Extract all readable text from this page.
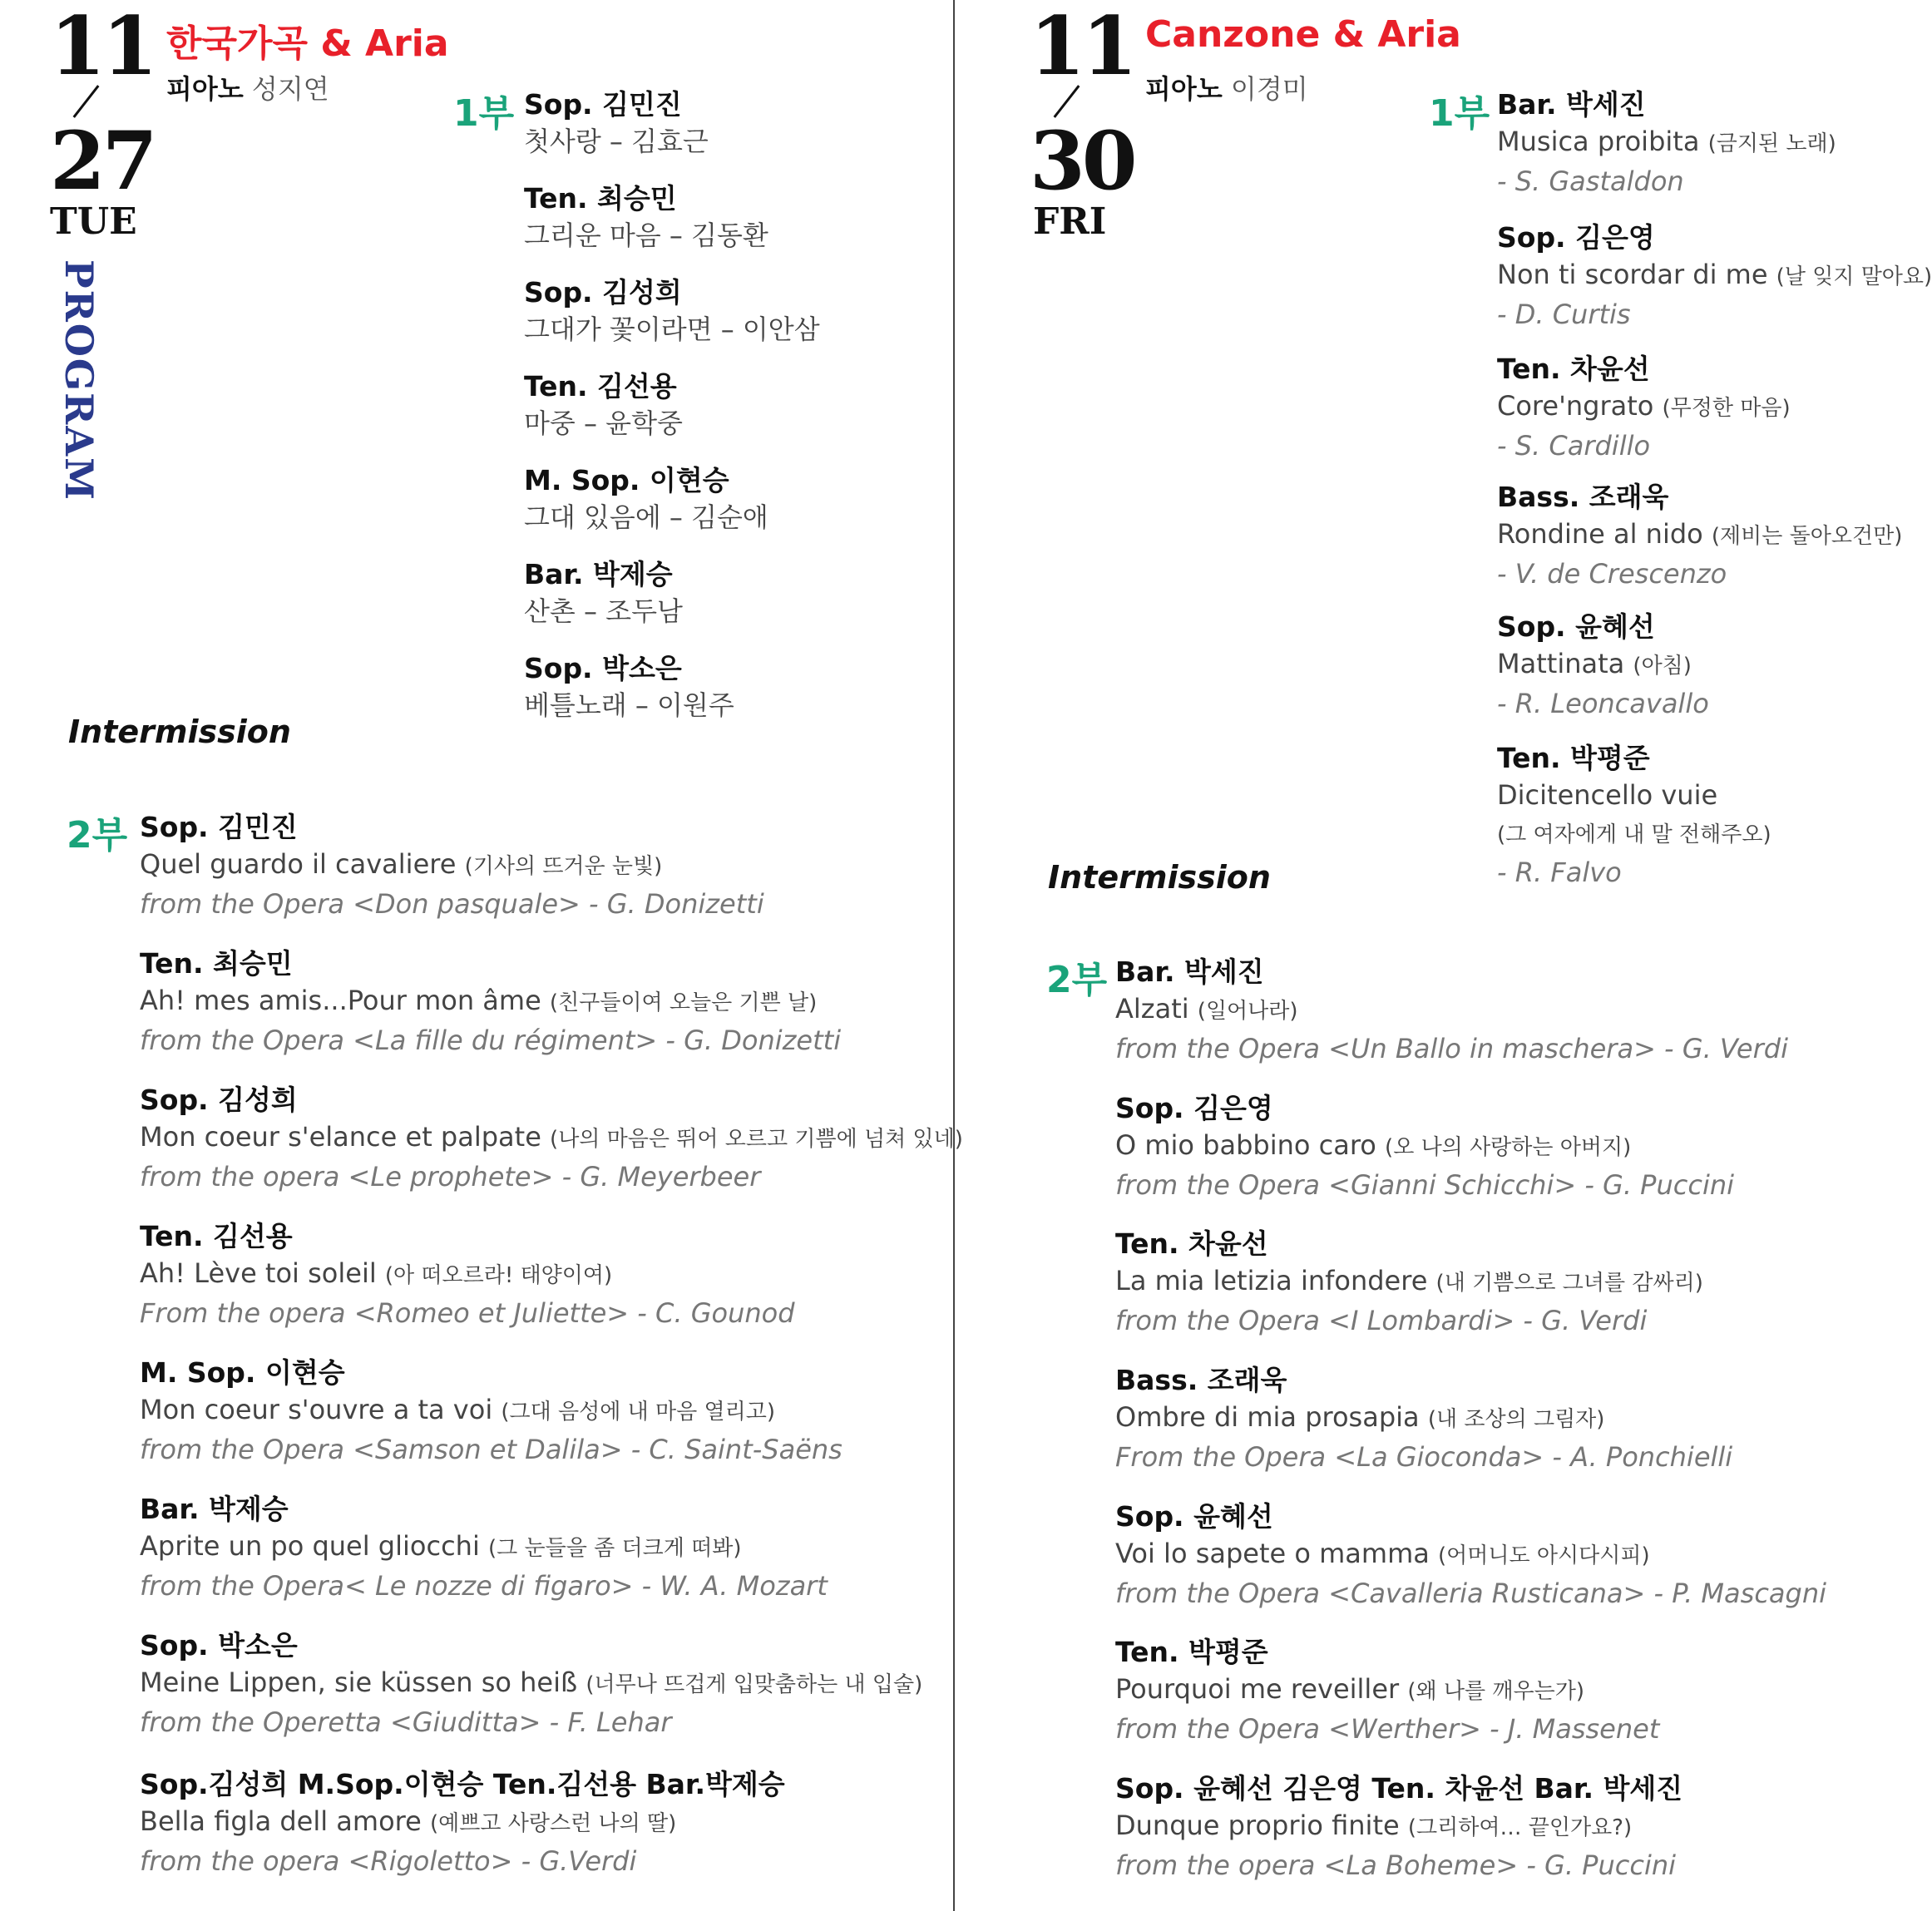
11
27
TUE
PROGRAM
한국가곡 & Aria
피아노 성지연
1부 Sop. 김민진
첫사랑 – 김효근
Ten. 최승민
그리운 마음 – 김동환
Sop. 김성희
그대가 꽃이라면 – 이안삼
Ten. 김선용
마중 – 윤학중
M. Sop. 이현승
그대 있음에 – 김순애
Bar. 박제승
산촌 – 조두남
Sop. 박소은
베틀노래 – 이원주
Intermission
2부 Sop. 김민진
Quel guardo il cavaliere (기사의 뜨거운 눈빛)
from the Opera <Don pasquale> - G. Donizetti
Ten. 최승민
Ah! mes amis...Pour mon âme (친구들이여 오늘은 기쁜 날)
from the Opera <La fille du régiment> - G. Donizetti
Sop. 김성희
Mon coeur s'elance et palpate (나의 마음은 뛰어 오르고 기쁨에 넘쳐 있네)
from the opera <Le prophete> - G. Meyerbeer
Ten. 김선용
Ah! Lève toi soleil (아 떠오르라! 태양이여)
From the opera <Romeo et Juliette> - C. Gounod
M. Sop. 이현승
Mon coeur s'ouvre a ta voi (그대 음성에 내 마음 열리고)
from the Opera <Samson et Dalila> - C. Saint-Saëns
Bar. 박제승
Aprite un po quel gliocchi (그 눈들을 좀 더크게 떠봐)
from the Opera< Le nozze di figaro> - W. A. Mozart
Sop. 박소은
Meine Lippen, sie küssen so heiß (너무나 뜨겁게 입맞춤하는 내 입술)
from the Operetta <Giuditta> - F. Lehar
Sop.김성희 M.Sop.이현승 Ten.김선용 Bar.박제승
Bella figla dell amore (예쁘고 사랑스런 나의 딸)
from the opera <Rigoletto> - G.Verdi
11
30
FRI
Canzone & Aria
피아노 이경미
1부 Bar. 박세진
Musica proibita (금지된 노래)
- S. Gastaldon
Sop. 김은영
Non ti scordar di me (날 잊지 말아요)
- D. Curtis
Ten. 차윤선
Core'ngrato (무정한 마음)
- S. Cardillo
Bass. 조래욱
Rondine al nido (제비는 돌아오건만)
- V. de Crescenzo
Sop. 윤혜선
Mattinata (아침)
- R. Leoncavallo
Ten. 박평준
Dicitencello vuie
(그 여자에게 내 말 전해주오)
- R. Falvo
Intermission
2부 Bar. 박세진
Alzati (일어나라)
from the Opera <Un Ballo in maschera> - G. Verdi
Sop. 김은영
O mio babbino caro (오 나의 사랑하는 아버지)
from the Opera <Gianni Schicchi> - G. Puccini
Ten. 차윤선
La mia letizia infondere (내 기쁨으로 그녀를 감싸리)
from the Opera <I Lombardi> - G. Verdi
Bass. 조래욱
Ombre di mia prosapia (내 조상의 그림자)
From the Opera <La Gioconda> - A. Ponchielli
Sop. 윤혜선
Voi lo sapete o mamma (어머니도 아시다시피)
from the Opera <Cavalleria Rusticana> - P. Mascagni
Ten. 박평준
Pourquoi me reveiller (왜 나를 깨우는가)
from the Opera <Werther> - J. Massenet
Sop. 윤혜선 김은영 Ten. 차윤선 Bar. 박세진
Dunque proprio finite (그리하여… 끝인가요?)
from the opera <La Boheme> - G. Puccini
